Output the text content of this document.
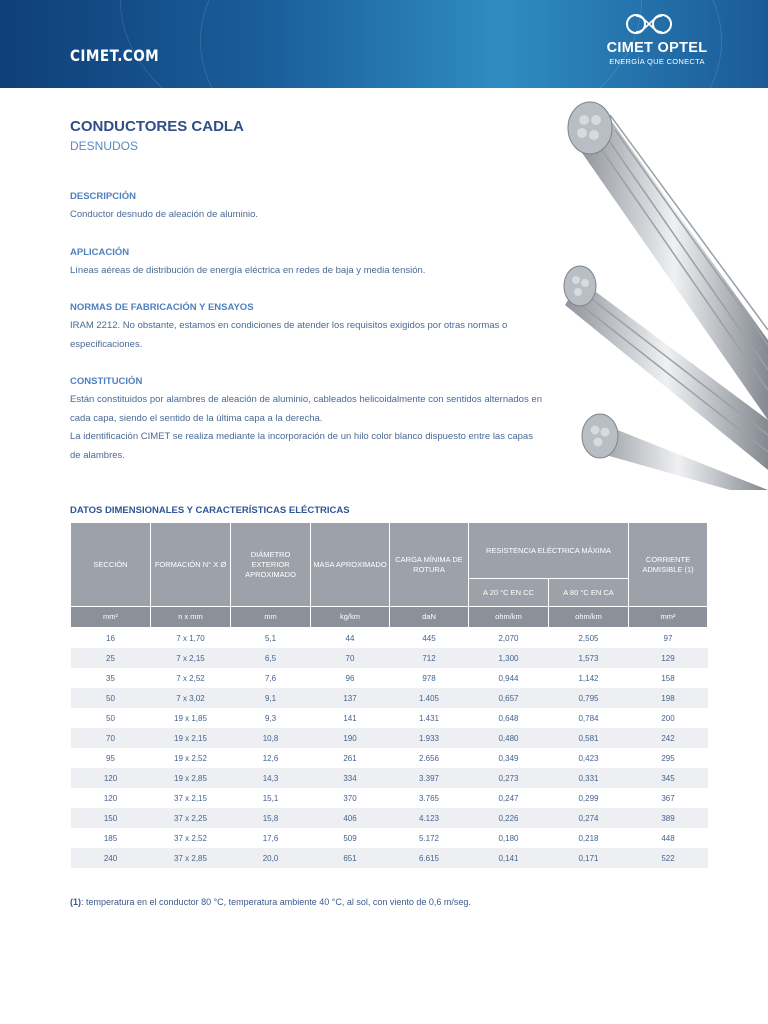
CIMET.COM	CIMET OPTEL
ENERGÍA QUE CONECTA
CONDUCTORES CADLA
DESNUDOS
DESCRIPCIÓN
Conductor desnudo de aleación de aluminio.
APLICACIÓN
Líneas aéreas de distribución de energía eléctrica en redes de baja y media tensión.
NORMAS DE FABRICACIÓN Y ENSAYOS
IRAM 2212. No obstante, estamos en condiciones de atender los requisitos exigidos por otras normas o especificaciones.
CONSTITUCIÓN
Están constituidos por alambres de aleación de aluminio, cableados helicoidalmente con sentidos alternados en cada capa, siendo el sentido de la última capa a la derecha.
La identificación CIMET se realiza mediante la incorporación de un hilo color blanco dispuesto entre las capas de alambres.
DATOS DIMENSIONALES Y CARACTERÍSTICAS ELÉCTRICAS
SECCIÓN	FORMACIÓN N° X Ø	DIÁMETRO EXTERIOR APROXIMADO	MASA APROXIMADO	CARGA MÍNIMA DE ROTURA	RESISTENCIA ELÉCTRICA MÁXIMA		CORRIENTE ADMISIBLE (1)
					A 20 °C EN CC	A 80 °C EN CA	
mm²	n x mm	mm	kg/km	daN	ohm/km	ohm/km	mm²
16	7 x 1,70	5,1	44	445	2,070	2,505	97
25	7 x 2,15	6,5	70	712	1,300	1,573	129
35	7 x 2,52	7,6	96	978	0,944	1,142	158
50	7 x 3,02	9,1	137	1.405	0,657	0,795	198
50	19 x 1,85	9,3	141	1.431	0,648	0,784	200
70	19 x 2,15	10,8	190	1.933	0,480	0,581	242
95	19 x 2,52	12,6	261	2.656	0,349	0,423	295
120	19 x 2,85	14,3	334	3.397	0,273	0,331	345
120	37 x 2,15	15,1	370	3.765	0,247	0,299	367
150	37 x 2,25	15,8	406	4.123	0,226	0,274	389
185	37 x 2,52	17,6	509	5.172	0,180	0,218	448
240	37 x 2,85	20,0	651	6.615	0,141	0,171	522
(1): temperatura en el conductor 80 °C, temperatura ambiente 40 °C, al sol, con viento de 0,6 m/seg.
